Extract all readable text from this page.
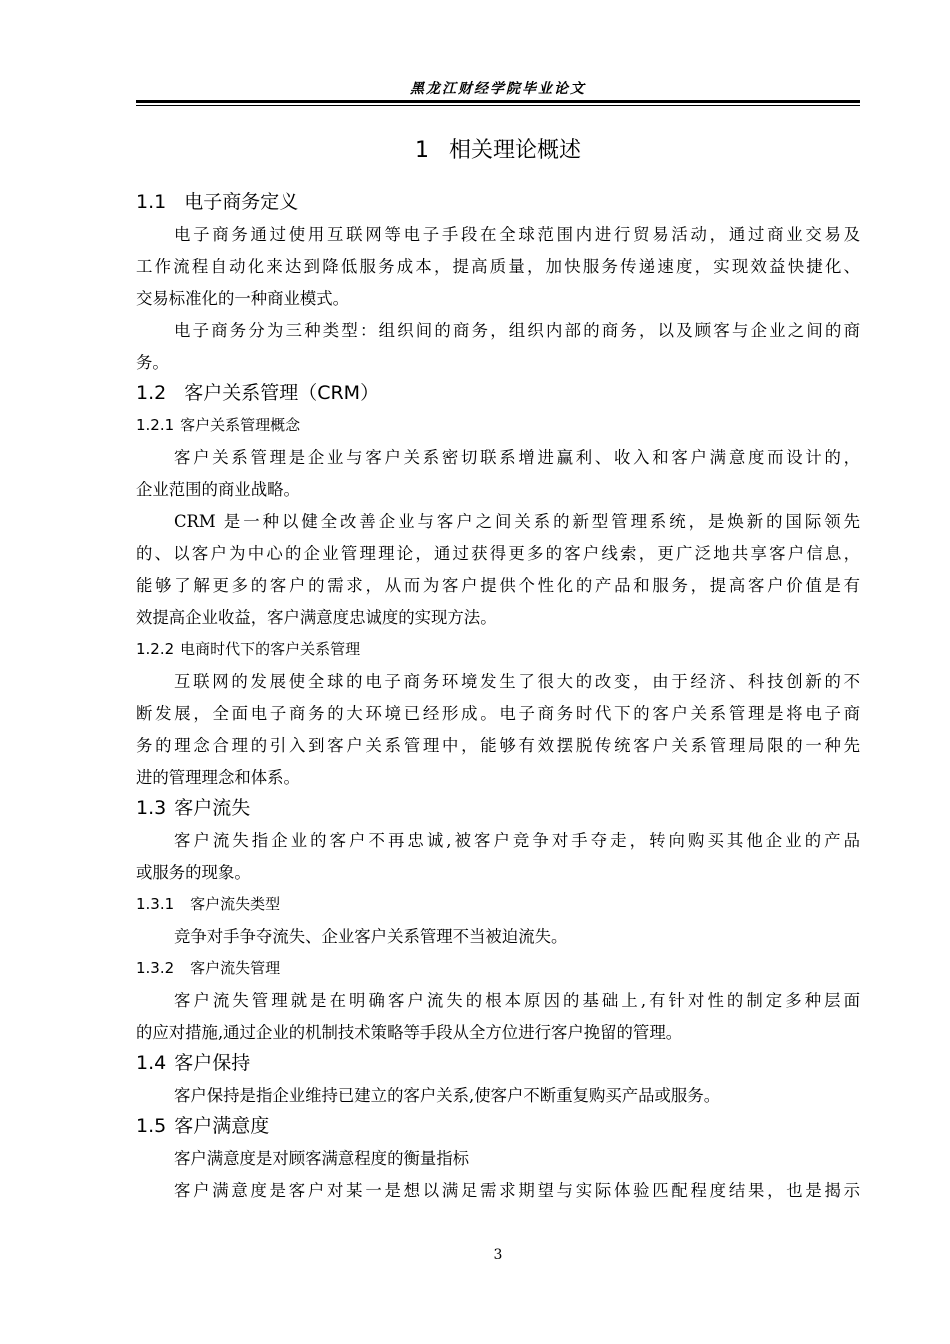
黑龙江财经学院毕业论文
1 相关理论概述
1.1 电子商务定义
电子商务通过使用互联网等电子手段在全球范围内进行贸易活动，通过商业交易及
工作流程自动化来达到降低服务成本，提高质量，加快服务传递速度，实现效益快捷化、
交易标准化的一种商业模式。
电子商务分为三种类型：组织间的商务，组织内部的商务，以及顾客与企业之间的商
务。
1.2 客户关系管理（CRM）
1.2.1 客户关系管理概念
客户关系管理是企业与客户关系密切联系增进赢利、收入和客户满意度而设计的，
企业范围的商业战略。
CRM 是一种以健全改善企业与客户之间关系的新型管理系统，是焕新的国际领先
的、以客户为中心的企业管理理论，通过获得更多的客户线索，更广泛地共享客户信息，
能够了解更多的客户的需求，从而为客户提供个性化的产品和服务，提高客户价值是有
效提高企业收益，客户满意度忠诚度的实现方法。
1.2.2 电商时代下的客户关系管理
互联网的发展使全球的电子商务环境发生了很大的改变，由于经济、科技创新的不
断发展，全面电子商务的大环境已经形成。电子商务时代下的客户关系管理是将电子商
务的理念合理的引入到客户关系管理中，能够有效摆脱传统客户关系管理局限的一种先
进的管理理念和体系。
1.3 客户流失
客户流失指企业的客户不再忠诚,被客户竞争对手夺走，转向购买其他企业的产品
或服务的现象。
1.3.1 客户流失类型
竞争对手争夺流失、企业客户关系管理不当被迫流失。
1.3.2 客户流失管理
客户流失管理就是在明确客户流失的根本原因的基础上,有针对性的制定多种层面
的应对措施,通过企业的机制技术策略等手段从全方位进行客户挽留的管理。
1.4 客户保持
客户保持是指企业维持已建立的客户关系,使客户不断重复购买产品或服务。
1.5 客户满意度
客户满意度是对顾客满意程度的衡量指标
客户满意度是客户对某一是想以满足需求期望与实际体验匹配程度结果，也是揭示
3
